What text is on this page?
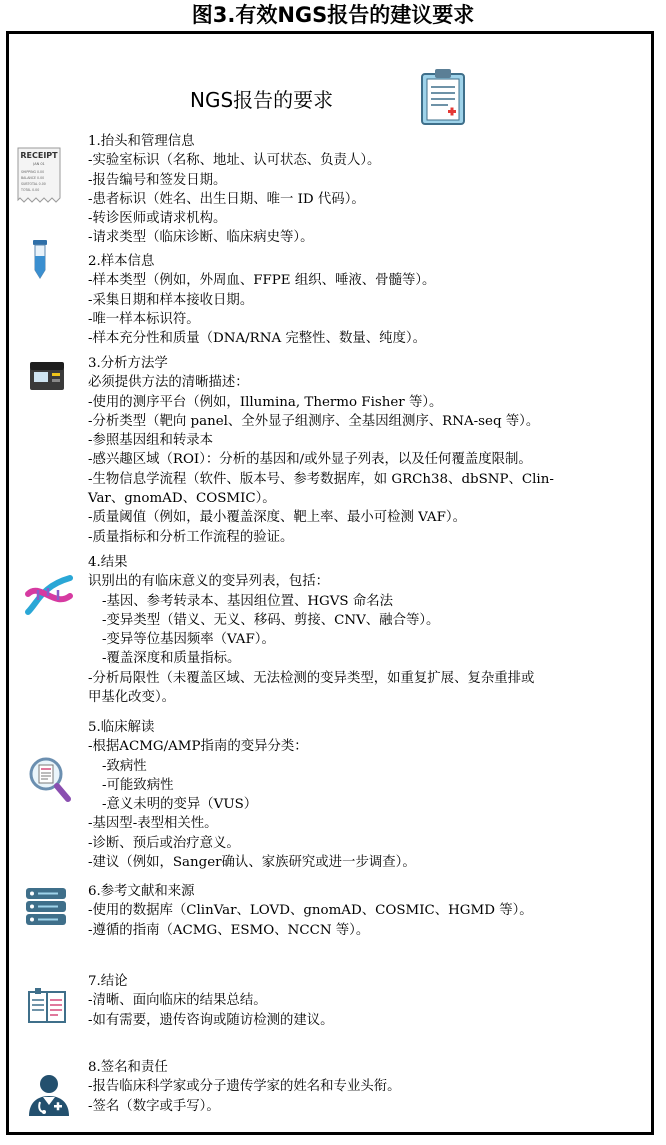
图3.有效NGS报告的建议要求
NGS报告的要求
RECEIPT
JAN 01
SHIPPING 0.00
BALANCE 0.00
SUBTOTAL 0.00
TOTAL 0.00
1.抬头和管理信息
-实验室标识（名称、地址、认可状态、负责人）。
-报告编号和签发日期。
-患者标识（姓名、出生日期、唯一 ID 代码）。
-转诊医师或请求机构。
-请求类型（临床诊断、临床病史等）。
2.样本信息
-样本类型（例如，外周血、FFPE 组织、唾液、骨髓等）。
-采集日期和样本接收日期。
-唯一样本标识符。
-样本充分性和质量（DNA/RNA 完整性、数量、纯度）。
3.分析方法学
必须提供方法的清晰描述：
-使用的测序平台（例如，Illumina, Thermo Fisher 等）。
-分析类型（靶向 panel、全外显子组测序、全基因组测序、RNA-seq 等）。
-参照基因组和转录本
-感兴趣区域（ROI）：分析的基因和/或外显子列表，以及任何覆盖度限制。
-生物信息学流程（软件、版本号、参考数据库，如 GRCh38、dbSNP、Clin-
Var、gnomAD、COSMIC）。
-质量阈值（例如，最小覆盖深度、靶上率、最小可检测 VAF）。
-质量指标和分析工作流程的验证。
4.结果
识别出的有临床意义的变异列表，包括：
-基因、参考转录本、基因组位置、HGVS 命名法
-变异类型（错义、无义、移码、剪接、CNV、融合等）。
-变异等位基因频率（VAF）。
-覆盖深度和质量指标。
-分析局限性（未覆盖区域、无法检测的变异类型，如重复扩展、复杂重排或
甲基化改变）。
5.临床解读
-根据ACMG/AMP指南的变异分类：
-致病性
-可能致病性
-意义未明的变异（VUS）
-基因型-表型相关性。
-诊断、预后或治疗意义。
-建议（例如，Sanger确认、家族研究或进一步调查）。
6.参考文献和来源
-使用的数据库（ClinVar、LOVD、gnomAD、COSMIC、HGMD 等）。
-遵循的指南（ACMG、ESMO、NCCN 等）。
7.结论
-清晰、面向临床的结果总结。
-如有需要，遗传咨询或随访检测的建议。
8.签名和责任
-报告临床科学家或分子遗传学家的姓名和专业头衔。
-签名（数字或手写）。
